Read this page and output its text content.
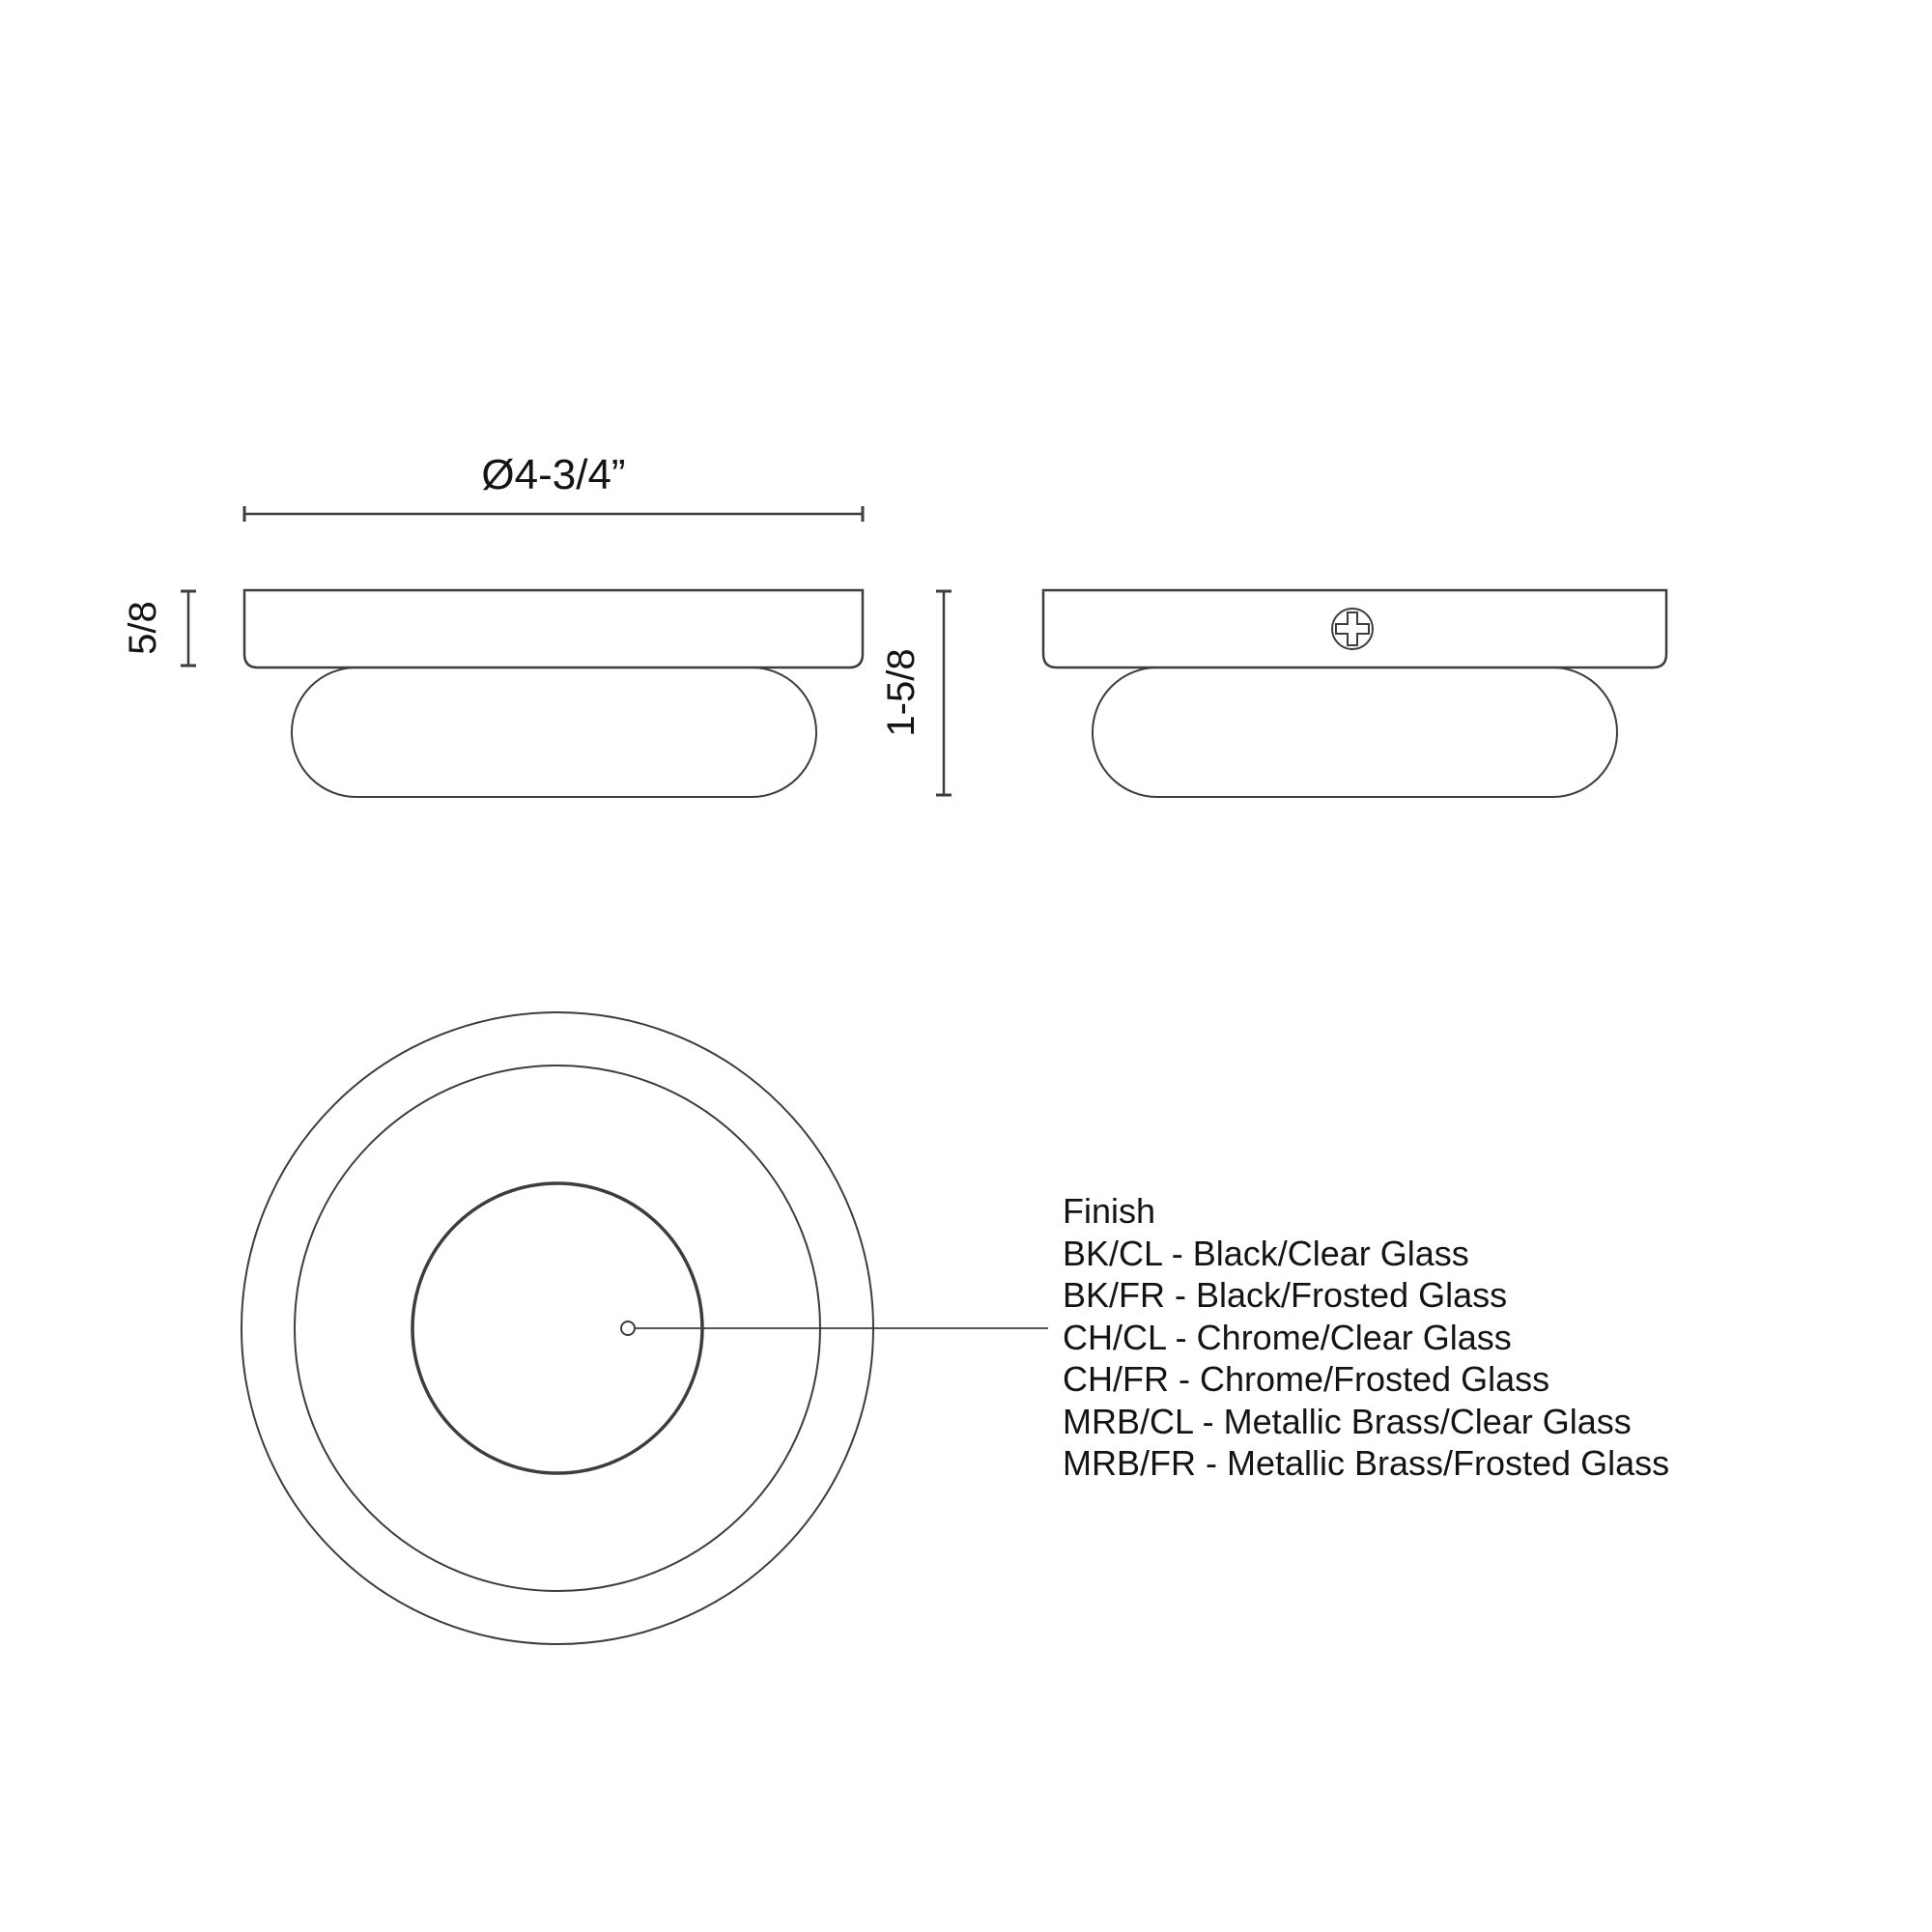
Ø4-3/4”
5/8
1-5/8
Finish
BK/CL - Black/Clear Glass
BK/FR - Black/Frosted Glass
CH/CL - Chrome/Clear Glass
CH/FR - Chrome/Frosted Glass
MRB/CL - Metallic Brass/Clear Glass
MRB/FR - Metallic Brass/Frosted Glass
